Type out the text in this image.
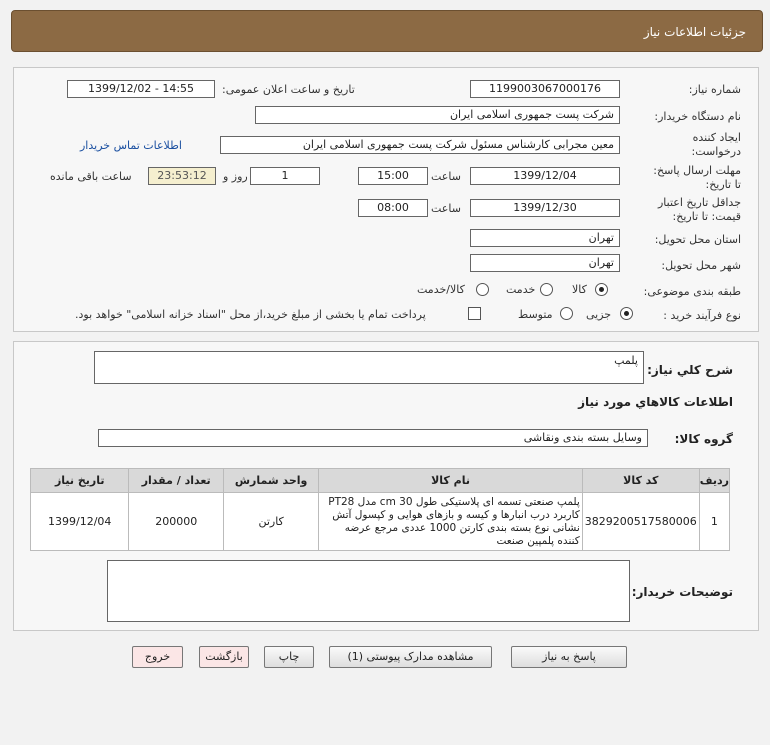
جزئیات اطلاعات نیاز
شماره نیاز:
1199003067000176
تاریخ و ساعت اعلان عمومی:
1399/12/02 - 14:55
نام دستگاه خریدار:
شرکت پست جمهوری اسلامی ایران
ایجاد کننده
درخواست:
معین مجرابی کارشناس مسئول شرکت پست جمهوری اسلامی ایران
اطلاعات تماس خریدار
مهلت ارسال پاسخ:
تا تاریخ:
1399/12/04
ساعت
15:00
1
روز و
23:53:12
ساعت باقی مانده
جداقل تاریخ اعتبار
قیمت: تا تاریخ:
1399/12/30
ساعت
08:00
استان محل تحویل:
تهران
شهر محل تحویل:
تهران
طبقه بندی موضوعی:
کالا
خدمت
کالا/خدمت
نوع فرآیند خرید :
جزیی
متوسط
پرداخت تمام یا بخشی از مبلغ خرید،از محل "اسناد خزانه اسلامی" خواهد بود.
شرح كلي نياز:
پلمپ
اطلاعات كالاهاي مورد نياز
گروه كالا:
وسایل بسته بندی ونقاشی
ردیف	کد کالا	نام کالا	واحد شمارش	تعداد / مقدار	تاریخ نیاز
1	3829200517580006	پلمپ صنعتی تسمه ای پلاستیکی طول cm 30 مدل PT28 کاربرد درب انبارها و کیسه و بازهای هوایی و کپسول آتش نشانی نوع بسته بندی کارتن 1000 عددی مرجع عرضه کننده پلمپین صنعت	کارتن	200000	1399/12/04
توضیحات خریدار:
پاسخ به نیاز
مشاهده مدارک پیوستی (1)
چاپ
بازگشت
خروج
